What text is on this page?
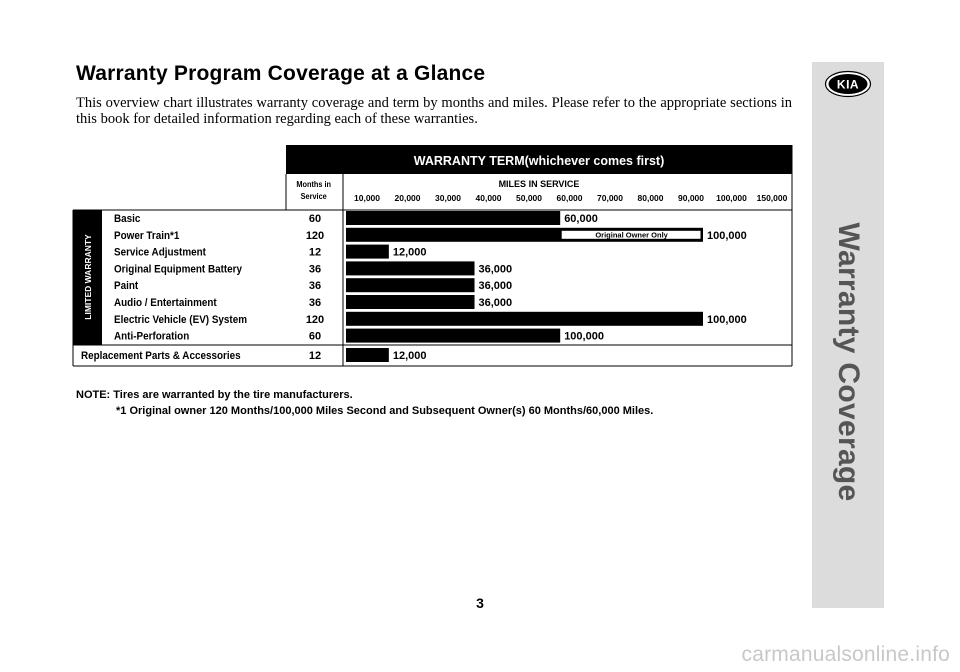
Warranty Program Coverage at a Glance
This overview chart illustrates warranty coverage and term by months and miles. Please refer to the appropriate sections in this book for detailed information regarding each of these warranties.
WARRANTY TERM(whichever comes first)
Months in
Service
MILES IN SERVICE
10,000 20,000 30,000 40,000 50,000 60,000 70,000 80,000 90,000 100,000 150,000
LIMITED WARRANTY
Basic	60	60,000
Power Train*1	120	Original Owner Only	100,000
Service Adjustment	12	12,000
Original Equipment Battery	36	36,000
Paint	36	36,000
Audio / Entertainment	36	36,000
Electric Vehicle (EV) System	120	100,000
Anti-Perforation	60	100,000
Replacement Parts & Accessories	12	12,000
NOTE: Tires are warranted by the tire manufacturers.
*1 Original owner 120 Months/100,000 Miles Second and Subsequent Owner(s) 60 Months/60,000 Miles.
KIA
Warranty Coverage
3
carmanualsonline.info
